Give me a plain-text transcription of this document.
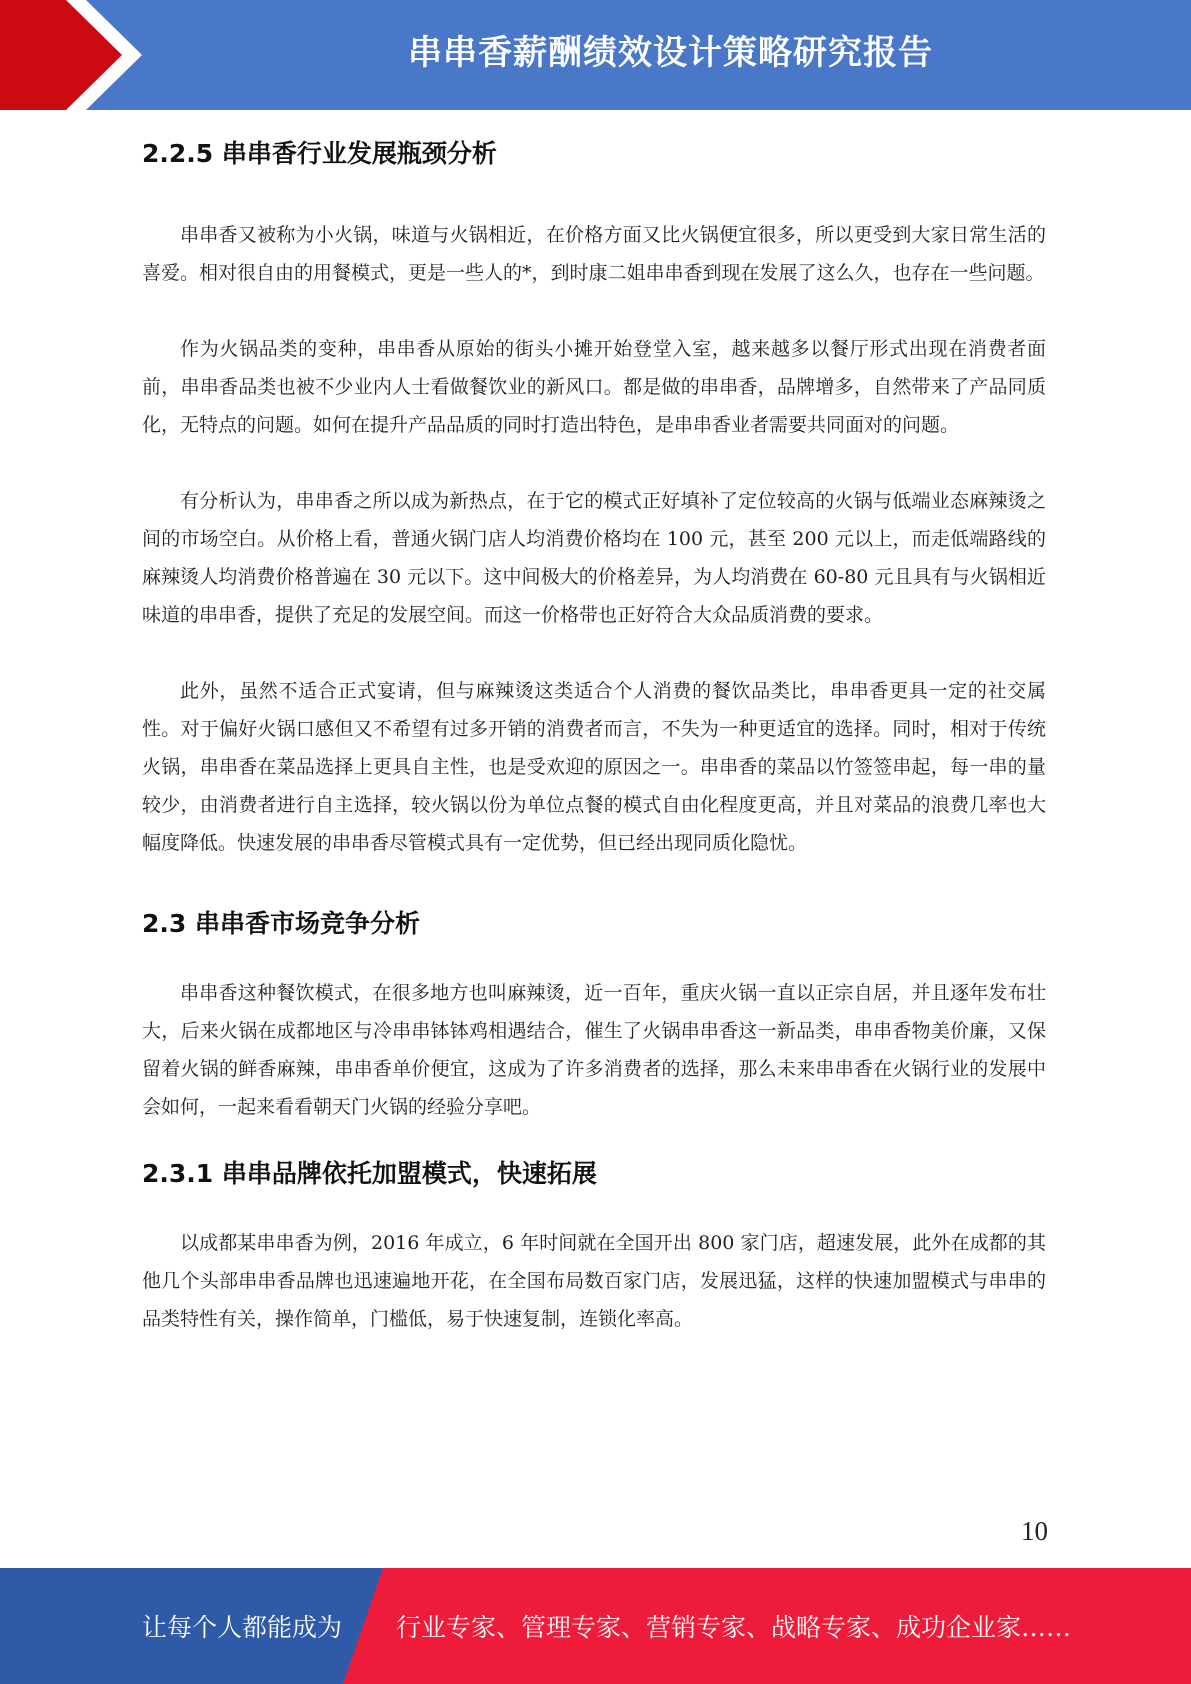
串串香薪酬绩效设计策略研究报告
2.2.5 串串香行业发展瓶颈分析

串串香又被称为小火锅，味道与火锅相近，在价格方面又比火锅便宜很多，所以更受到大家日常生活的喜爱。相对很自由的用餐模式，更是一些人的*，到时康二姐串串香到现在发展了这么久，也存在一些问题。

作为火锅品类的变种，串串香从原始的街头小摊开始登堂入室，越来越多以餐厅形式出现在消费者面前，串串香品类也被不少业内人士看做餐饮业的新风口。都是做的串串香，品牌增多，自然带来了产品同质化，无特点的问题。如何在提升产品品质的同时打造出特色，是串串香业者需要共同面对的问题。

有分析认为，串串香之所以成为新热点，在于它的模式正好填补了定位较高的火锅与低端业态麻辣烫之间的市场空白。从价格上看，普通火锅门店人均消费价格均在 100 元，甚至 200 元以上，而走低端路线的麻辣烫人均消费价格普遍在 30 元以下。这中间极大的价格差异，为人均消费在 60-80 元且具有与火锅相近味道的串串香，提供了充足的发展空间。而这一价格带也正好符合大众品质消费的要求。

此外，虽然不适合正式宴请，但与麻辣烫这类适合个人消费的餐饮品类比，串串香更具一定的社交属性。对于偏好火锅口感但又不希望有过多开销的消费者而言，不失为一种更适宜的选择。同时，相对于传统火锅，串串香在菜品选择上更具自主性，也是受欢迎的原因之一。串串香的菜品以竹签签串起，每一串的量较少，由消费者进行自主选择，较火锅以份为单位点餐的模式自由化程度更高，并且对菜品的浪费几率也大幅度降低。快速发展的串串香尽管模式具有一定优势，但已经出现同质化隐忧。

2.3 串串香市场竞争分析

串串香这种餐饮模式，在很多地方也叫麻辣烫，近一百年，重庆火锅一直以正宗自居，并且逐年发布壮大，后来火锅在成都地区与冷串串钵钵鸡相遇结合，催生了火锅串串香这一新品类，串串香物美价廉，又保留着火锅的鲜香麻辣，串串香单价便宜，这成为了许多消费者的选择，那么未来串串香在火锅行业的发展中会如何，一起来看看朝天门火锅的经验分享吧。

2.3.1 串串品牌依托加盟模式，快速拓展

以成都某串串香为例，2016 年成立，6 年时间就在全国开出 800 家门店，超速发展，此外在成都的其他几个头部串串香品牌也迅速遍地开花，在全国布局数百家门店，发展迅猛，这样的快速加盟模式与串串的品类特性有关，操作简单，门槛低，易于快速复制，连锁化率高。

10
让每个人都能成为 行业专家、管理专家、营销专家、战略专家、成功企业家……
